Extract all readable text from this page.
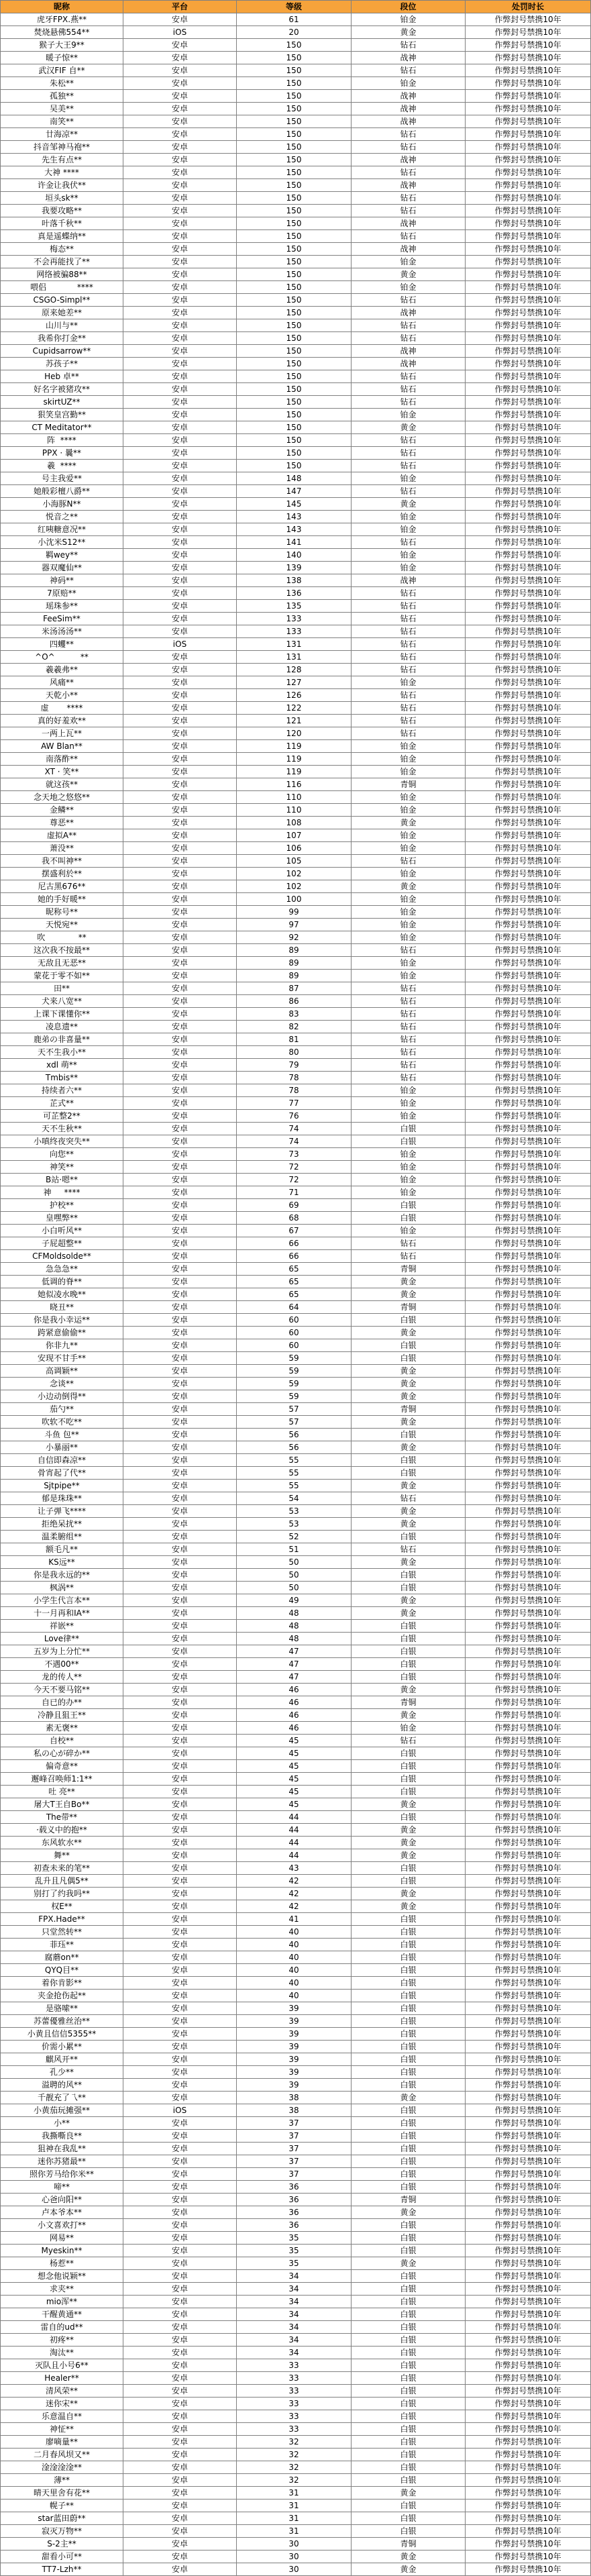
昵称	平台	等级	段位	处罚时长
虎牙FPX.燕**	安卓	61	铂金	作弊封号禁携10年
焚烧悬佛554**	iOS	20	黄金	作弊封号禁携10年
猴子大王9**	安卓	150	钻石	作弊封号禁携10年
暖子惊**	安卓	150	战神	作弊封号禁携10年
武汉FIF 自**	安卓	150	钻石	作弊封号禁携10年
朱松**	安卓	150	铂金	作弊封号禁携10年
孤独**	安卓	150	战神	作弊封号禁携10年
吴美**	安卓	150	战神	作弊封号禁携10年
南笑**	安卓	150	战神	作弊封号禁携10年
廿海凉**	安卓	150	钻石	作弊封号禁携10年
抖音邹神马袍**	安卓	150	钻石	作弊封号禁携10年
先生有点**	安卓	150	战神	作弊封号禁携10年
大神 ****	安卓	150	钻石	作弊封号禁携10年
许金让我伏**	安卓	150	战神	作弊封号禁携10年
垣头sk**	安卓	150	钻石	作弊封号禁携10年
我要攻略**	安卓	150	钻石	作弊封号禁携10年
叶落千秋**	安卓	150	战神	作弊封号禁携10年
真是遥蝶纳**	安卓	150	钻石	作弊封号禁携10年
梅态**	安卓	150	战神	作弊封号禁携10年
不会再能找了**	安卓	150	铂金	作弊封号禁携10年
网络被骗88**	安卓	150	黄金	作弊封号禁携10年
喂侣            ****	安卓	150	铂金	作弊封号禁携10年
CSGO-Simpl**	安卓	150	钻石	作弊封号禁携10年
原来她差**	安卓	150	战神	作弊封号禁携10年
山川与**	安卓	150	钻石	作弊封号禁携10年
我希你打金**	安卓	150	钻石	作弊封号禁携10年
Cupidsarrow**	安卓	150	战神	作弊封号禁携10年
苏孩子**	安卓	150	战神	作弊封号禁携10年
Heb 卓**	安卓	150	钻石	作弊封号禁携10年
好名字被猪攻**	安卓	150	钻石	作弊封号禁携10年
skirtUZ**	安卓	150	钻石	作弊封号禁携10年
狠笑皇宫勤**	安卓	150	铂金	作弊封号禁携10年
CT Meditator**	安卓	150	黄金	作弊封号禁携10年
阵  ****	安卓	150	钻石	作弊封号禁携10年
PPX · 曩**	安卓	150	钻石	作弊封号禁携10年
羲  ****	安卓	150	钻石	作弊封号禁携10年
号主我爱**	安卓	148	铂金	作弊封号禁携10年
她般彩檀八爵**	安卓	147	钻石	作弊封号禁携10年
小海豚N**	安卓	145	黄金	作弊封号禁携10年
悦音之**	安卓	143	铂金	作弊封号禁携10年
红咦糖意况**	安卓	143	铂金	作弊封号禁携10年
小沈米S12**	安卓	141	钻石	作弊封号禁携10年
羁wey**	安卓	140	铂金	作弊封号禁携10年
器双魔仙**	安卓	139	铂金	作弊封号禁携10年
神码**	安卓	138	战神	作弊封号禁携10年
7原赔**	安卓	136	钻石	作弊封号禁携10年
瑶珠参**	安卓	135	钻石	作弊封号禁携10年
FeeSim**	安卓	133	钻石	作弊封号禁携10年
米汤汤汤**	安卓	133	钻石	作弊封号禁携10年
四蠼**	iOS	131	钻石	作弊封号禁携10年
^O^          **	安卓	131	钻石	作弊封号禁携10年
羲羲弗**	安卓	128	钻石	作弊封号禁携10年
风痛**	安卓	127	铂金	作弊封号禁携10年
天乾小**	安卓	126	钻石	作弊封号禁携10年
虚       ****	安卓	122	钻石	作弊封号禁携10年
真的好羞欢**	安卓	121	钻石	作弊封号禁携10年
一两上瓦**	安卓	120	钻石	作弊封号禁携10年
AW Blan**	安卓	119	铂金	作弊封号禁携10年
南落酢**	安卓	119	铂金	作弊封号禁携10年
XT · 笑**	安卓	119	铂金	作弊封号禁携10年
就这孩**	安卓	116	青铜	作弊封号禁携10年
念天地之悠悠**	安卓	110	铂金	作弊封号禁携10年
金鳞**	安卓	110	铂金	作弊封号禁携10年
尊恶**	安卓	108	黄金	作弊封号禁携10年
虚拟A**	安卓	107	铂金	作弊封号禁携10年
萧没**	安卓	106	铂金	作弊封号禁携10年
我不叫神**	安卓	105	钻石	作弊封号禁携10年
摆盛利於**	安卓	102	铂金	作弊封号禁携10年
尼古黑676**	安卓	102	黄金	作弊封号禁携10年
她的手好暖**	安卓	100	铂金	作弊封号禁携10年
昵称号**	安卓	99	铂金	作弊封号禁携10年
天悦宛**	安卓	97	铂金	作弊封号禁携10年
吹             **	安卓	92	铂金	作弊封号禁携10年
这次我不按最**	安卓	89	钻石	作弊封号禁携10年
无敌且无恶**	安卓	89	铂金	作弊封号禁携10年
蒙花于零不如**	安卓	89	铂金	作弊封号禁携10年
田**	安卓	87	钻石	作弊封号禁携10年
犬来八宽**	安卓	86	钻石	作弊封号禁携10年
上课下课懂你**	安卓	83	钻石	作弊封号禁携10年
凌息遗**	安卓	82	钻石	作弊封号禁携10年
鹿弟の非喜量**	安卓	81	钻石	作弊封号禁携10年
天不生我小**	安卓	80	钻石	作弊封号禁携10年
xdl 萌**	安卓	79	钻石	作弊封号禁携10年
Tmbis**	安卓	78	钻石	作弊封号禁携10年
持续者六**	安卓	78	铂金	作弊封号禁携10年
芷式**	安卓	77	铂金	作弊封号禁携10年
可芷整2**	安卓	76	铂金	作弊封号禁携10年
天不生秋**	安卓	74	白银	作弊封号禁携10年
小嗔终夜突失**	安卓	74	白银	作弊封号禁携10年
向您**	安卓	73	铂金	作弊封号禁携10年
神笑**	安卓	72	铂金	作弊封号禁携10年
B站·嗯**	安卓	72	铂金	作弊封号禁携10年
神     ****	安卓	71	铂金	作弊封号禁携10年
护校**	安卓	69	白银	作弊封号禁携10年
皇嘿弊**	安卓	68	白银	作弊封号禁携10年
小白听风**	安卓	67	铂金	作弊封号禁携10年
子屁超整**	安卓	66	钻石	作弊封号禁携10年
CFMoldsolde**	安卓	66	钻石	作弊封号禁携10年
急急急**	安卓	65	青铜	作弊封号禁携10年
低调的脊**	安卓	65	黄金	作弊封号禁携10年
她似凌水晚**	安卓	65	黄金	作弊封号禁携10年
晓丑**	安卓	64	青铜	作弊封号禁携10年
你是我小幸运**	安卓	60	白银	作弊封号禁携10年
跨紧意偷偷**	安卓	60	黄金	作弊封号禁携10年
你非九**	安卓	60	白银	作弊封号禁携10年
安现不甘手**	安卓	59	白银	作弊封号禁携10年
高调颖**	安卓	59	黄金	作弊封号禁携10年
念谈**	安卓	59	黄金	作弊封号禁携10年
小边动倒得**	安卓	59	黄金	作弊封号禁携10年
茄勺**	安卓	57	青铜	作弊封号禁携10年
吹软不吃**	安卓	57	黄金	作弊封号禁携10年
斗鱼 包**	安卓	56	白银	作弊封号禁携10年
小暴丽**	安卓	56	黄金	作弊封号禁携10年
自信即森凉**	安卓	55	白银	作弊封号禁携10年
骨宵起了代**	安卓	55	白银	作弊封号禁携10年
Sjtpipe**	安卓	55	黄金	作弊封号禁携10年
郁是珠珠**	安卓	54	钻石	作弊封号禁携10年
让子弹飞****	安卓	53	黄金	作弊封号禁携10年
拒绝呆扰**	安卓	53	黄金	作弊封号禁携10年
温柔腑组**	安卓	52	白银	作弊封号禁携10年
额毛凡**	安卓	51	钻石	作弊封号禁携10年
KS远**	安卓	50	黄金	作弊封号禁携10年
你是我永远的**	安卓	50	白银	作弊封号禁携10年
枫涡**	安卓	50	白银	作弊封号禁携10年
小学生代言本**	安卓	49	黄金	作弊封号禁携10年
十一月再和IA**	安卓	48	黄金	作弊封号禁携10年
祥嵌**	安卓	48	白银	作弊封号禁携10年
Love律**	安卓	48	白银	作弊封号禁携10年
五岁为上分忙**	安卓	47	白银	作弊封号禁携10年
不遇00**	安卓	47	白银	作弊封号禁携10年
龙的传人**	安卓	47	白银	作弊封号禁携10年
今天不要马铭**	安卓	46	黄金	作弊封号禁携10年
自已的办**	安卓	46	青铜	作弊封号禁携10年
冷静且狙王**	安卓	46	黄金	作弊封号禁携10年
素无褒**	安卓	46	铂金	作弊封号禁携10年
自校**	安卓	45	钻石	作弊封号禁携10年
私の心が碎か**	安卓	45	白银	作弊封号禁携10年
偏奇意**	安卓	45	白银	作弊封号禁携10年
邂峰召唤师1:1**	安卓	45	白银	作弊封号禁携10年
吐 亮**	安卓	45	白银	作弊封号禁携10年
屠大T王自Bo**	安卓	45	黄金	作弊封号禁携10年
The带**	安卓	44	白银	作弊封号禁携10年
·载义中的抱**	安卓	44	黄金	作弊封号禁携10年
东风软水**	安卓	44	黄金	作弊封号禁携10年
舞**	安卓	44	黄金	作弊封号禁携10年
初查未来的笔**	安卓	43	白银	作弊封号禁携10年
乱升且凡偶5**	安卓	42	白银	作弊封号禁携10年
别打了约我吗**	安卓	42	黄金	作弊封号禁携10年
权E**	安卓	42	黄金	作弊封号禁携10年
FPX.Hade**	安卓	41	白银	作弊封号禁携10年
只堂然转**	安卓	40	白银	作弊封号禁携10年
菲珏**	安卓	40	白银	作弊封号禁携10年
腐蘑on**	安卓	40	白银	作弊封号禁携10年
QYQ目**	安卓	40	白银	作弊封号禁携10年
着你肯影**	安卓	40	白银	作弊封号禁携10年
夹金抢伤起**	安卓	40	白银	作弊封号禁携10年
是骆嗦**	安卓	39	白银	作弊封号禁携10年
苏蕾優雅丝治**	安卓	39	白银	作弊封号禁携10年
小黄且信信5355**	安卓	39	白银	作弊封号禁携10年
价需小累**	安卓	39	白银	作弊封号禁携10年
麒风开**	安卓	39	白银	作弊封号禁携10年
孔少**	安卓	39	白银	作弊封号禁携10年
溢聘的风**	安卓	39	白银	作弊封号禁携10年
千靓充了乁**	安卓	38	黄金	作弊封号禁携10年
小黄茄玩摊强**	iOS	38	白银	作弊封号禁携10年
小**	安卓	37	白银	作弊封号禁携10年
我撕嘶良**	安卓	37	白银	作弊封号禁携10年
狙神在我乱**	安卓	37	白银	作弊封号禁携10年
迷你苏猪最**	安卓	37	白银	作弊封号禁携10年
照你芳马给你米**	安卓	37	白银	作弊封号禁携10年
啼**	安卓	36	白银	作弊封号禁携10年
心爸向阳**	安卓	36	青铜	作弊封号禁携10年
卢本爷本**	安卓	36	黄金	作弊封号禁携10年
小文喜欢打**	安卓	36	白银	作弊封号禁携10年
网易**	安卓	35	白银	作弊封号禁携10年
Myeskin**	安卓	35	白银	作弊封号禁携10年
杨惹**	安卓	35	黄金	作弊封号禁携10年
想念他说颖**	安卓	34	白银	作弊封号禁携10年
求夹**	安卓	34	白银	作弊封号禁携10年
mio浑**	安卓	34	白银	作弊封号禁携10年
干醒黄通**	安卓	34	白银	作弊封号禁携10年
雷自的ud**	安卓	34	白银	作弊封号禁携10年
初疼**	安卓	34	白银	作弊封号禁携10年
淘汰**	安卓	34	白银	作弊封号禁携10年
灭队且小号6**	安卓	33	白银	作弊封号禁携10年
Healer**	安卓	33	白银	作弊封号禁携10年
清风荣**	安卓	33	白银	作弊封号禁携10年
迷你宋**	安卓	33	白银	作弊封号禁携10年
乐意温自**	安卓	33	白银	作弊封号禁携10年
神怔**	安卓	33	白银	作弊封号禁携10年
廖嘀量**	安卓	32	白银	作弊封号禁携10年
二月春风坝又**	安卓	32	白银	作弊封号禁携10年
淦淦淦淦**	安卓	32	白银	作弊封号禁携10年
薄**	安卓	32	白银	作弊封号禁携10年
晴天里舍有花**	安卓	31	黄金	作弊封号禁携10年
幌子**	安卓	31	白银	作弊封号禁携10年
star蓝田蔚**	安卓	31	白银	作弊封号禁携10年
寂灭万物**	安卓	31	白银	作弊封号禁携10年
S-2主**	安卓	30	青铜	作弊封号禁携10年
甜看小可**	安卓	30	黄金	作弊封号禁携10年
TT7-Lzh**	安卓	30	黄金	作弊封号禁携10年
